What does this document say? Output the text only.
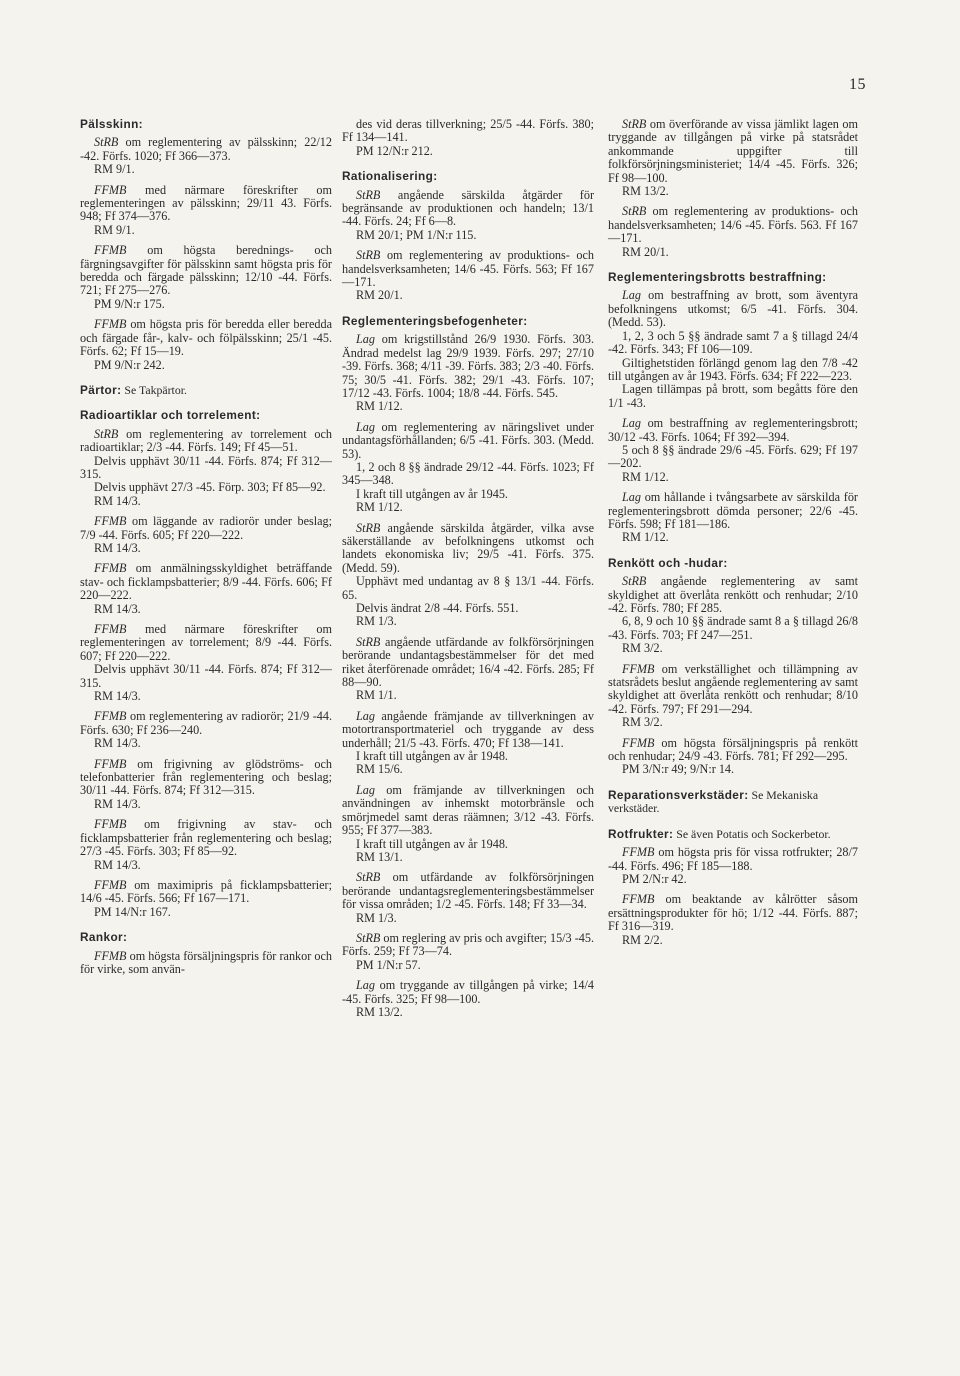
15
Pälsskinn:

StRB om reglementering av pälsskinn; 22/12 -42. Förfs. 1020; Ff 366—373.

RM 9/1.

FFMB med närmare föreskrifter om reglementeringen av pälsskinn; 29/11 43. Förfs. 948; Ff 374—376.

RM 9/1.

FFMB om högsta berednings- och färgningsavgifter för pälsskinn samt högsta pris för beredda och färgade pälsskinn; 12/10 -44. Förfs. 721; Ff 275—276.

PM 9/N:r 175.

FFMB om högsta pris för beredda eller beredda och färgade får-, kalv- och fölpälsskinn; 25/1 -45. Förfs. 62; Ff 15—19.

PM 9/N:r 242.

Pärtor: Se Takpärtor.
Radioartiklar och torrelement:

StRB om reglementering av torrelement och radioartiklar; 2/3 -44. Förfs. 149; Ff 45—51.

Delvis upphävt 30/11 -44. Förfs. 874; Ff 312—315.

Delvis upphävt 27/3 -45. Förp. 303; Ff 85—92.

RM 14/3.

FFMB om läggande av radiorör under beslag; 7/9 -44. Förfs. 605; Ff 220—222.

RM 14/3.

FFMB om anmälningsskyldighet beträffande stav- och ficklampsbatterier; 8/9 -44. Förfs. 606; Ff 220—222.

RM 14/3.

FFMB med närmare föreskrifter om reglementeringen av torrelement; 8/9 -44. Förfs. 607; Ff 220—222.

Delvis upphävt 30/11 -44. Förfs. 874; Ff 312—315.

RM 14/3.

FFMB om reglementering av radiorör; 21/9 -44. Förfs. 630; Ff 236—240.

RM 14/3.

FFMB om frigivning av glödströms- och telefonbatterier från reglementering och beslag; 30/11 -44. Förfs. 874; Ff 312—315.

RM 14/3.

FFMB om frigivning av stav- och ficklampsbatterier från reglementering och beslag; 27/3 -45. Förfs. 303; Ff 85—92.

RM 14/3.

FFMB om maximipris på ficklampsbatterier; 14/6 -45. Förfs. 566; Ff 167—171.

PM 14/N:r 167.

Rankor:

FFMB om högsta försäljningspris för rankor och för virke, som använ-

des vid deras tillverkning; 25/5 -44. Förfs. 380; Ff 134—141.

PM 12/N:r 212.

Rationalisering:

StRB angående särskilda åtgärder för begränsande av produktionen och handeln; 13/1 -44. Förfs. 24; Ff 6—8.

RM 20/1; PM 1/N:r 115.

StRB om reglementering av produktions- och handelsverksamheten; 14/6 -45. Förfs. 563; Ff 167—171.

RM 20/1.

Reglementeringsbefogenheter:

Lag om krigstillstånd 26/9 1930. Förfs. 303. Ändrad medelst lag 29/9 1939. Förfs. 297; 27/10 -39. Förfs. 368; 4/11 -39. Förfs. 383; 2/3 -40. Förfs. 75; 30/5 -41. Förfs. 382; 29/1 -43. Förfs. 107; 17/12 -43. Förfs. 1004; 18/8 -44. Förfs. 545.

RM 1/12.

Lag om reglementering av näringslivet under undantagsförhållanden; 6/5 -41. Förfs. 303. (Medd. 53).

1, 2 och 8 §§ ändrade 29/12 -44. Förfs. 1023; Ff 345—348.

I kraft till utgången av år 1945.

RM 1/12.

StRB angående särskilda åtgärder, vilka avse säkerställande av befolkningens utkomst och landets ekonomiska liv; 29/5 -41. Förfs. 375. (Medd. 59).

Upphävt med undantag av 8 § 13/1 -44. Förfs. 65.

Delvis ändrat 2/8 -44. Förfs. 551.

RM 1/3.

StRB angående utfärdande av folkförsörjningen berörande undantagsbestämmelser för det med riket återförenade området; 16/4 -42. Förfs. 285; Ff 88—90.

RM 1/1.

Lag angående främjande av tillverkningen av motortransportmateriel och tryggande av dess underhåll; 21/5 -43. Förfs. 470; Ff 138—141.

I kraft till utgången av år 1948.

RM 15/6.

Lag om främjande av tillverkningen och användningen av inhemskt motorbränsle och smörjmedel samt deras räämnen; 3/12 -43. Förfs. 955; Ff 377—383.

I kraft till utgången av år 1948.

RM 13/1.

StRB om utfärdande av folkförsörjningen berörande undantagsreglementeringsbestämmelser för vissa områden; 1/2 -45. Förfs. 148; Ff 33—34.

RM 1/3.

StRB om reglering av pris och avgifter; 15/3 -45. Förfs. 259; Ff 73—74.

PM 1/N:r 57.

Lag om tryggande av tillgången på virke; 14/4 -45. Förfs. 325; Ff 98—100.

RM 13/2.

StRB om överförande av vissa jämlikt lagen om tryggande av tillgången på virke på statsrådet ankommande uppgifter till folkförsörjningsministeriet; 14/4 -45. Förfs. 326; Ff 98—100.

RM 13/2.

StRB om reglementering av produktions- och handelsverksamheten; 14/6 -45. Förfs. 563. Ff 167—171.

RM 20/1.

Reglementeringsbrotts bestraffning:

Lag om bestraffning av brott, som äventyra befolkningens utkomst; 6/5 -41. Förfs. 304. (Medd. 53).

1, 2, 3 och 5 §§ ändrade samt 7 a § tillagd 24/4 -42. Förfs. 343; Ff 106—109.

Giltighetstiden förlängd genom lag den 7/8 -42 till utgången av år 1943. Förfs. 634; Ff 222—223.

Lagen tillämpas på brott, som begåtts före den 1/1 -43.

Lag om bestraffning av reglementeringsbrott; 30/12 -43. Förfs. 1064; Ff 392—394.

5 och 8 §§ ändrade 29/6 -45. Förfs. 629; Ff 197—202.

RM 1/12.

Lag om hållande i tvångsarbete av särskilda för reglementeringsbrott dömda personer; 22/6 -45. Förfs. 598; Ff 181—186.

RM 1/12.

Renkött och -hudar:

StRB angående reglementering av samt skyldighet att överlåta renkött och renhudar; 2/10 -42. Förfs. 780; Ff 285.

6, 8, 9 och 10 §§ ändrade samt 8 a § tillagd 26/8 -43. Förfs. 703; Ff 247—251.

RM 3/2.

FFMB om verkställighet och tillämpning av statsrådets beslut angående reglementering av samt skyldighet att överlåta renkött och renhudar; 8/10 -42. Förfs. 797; Ff 291—294.

RM 3/2.

FFMB om högsta försäljningspris på renkött och renhudar; 24/9 -43. Förfs. 781; Ff 292—295.

PM 3/N:r 49; 9/N:r 14.

Reparationsverkstäder: Se Mekaniska verkstäder.
Rotfrukter: Se även Potatis och Sockerbetor.

FFMB om högsta pris för vissa rotfrukter; 28/7 -44. Förfs. 496; Ff 185—188.

PM 2/N:r 42.

FFMB om beaktande av kålrötter såsom ersättningsprodukter för hö; 1/12 -44. Förfs. 887; Ff 316—319.

RM 2/2.
